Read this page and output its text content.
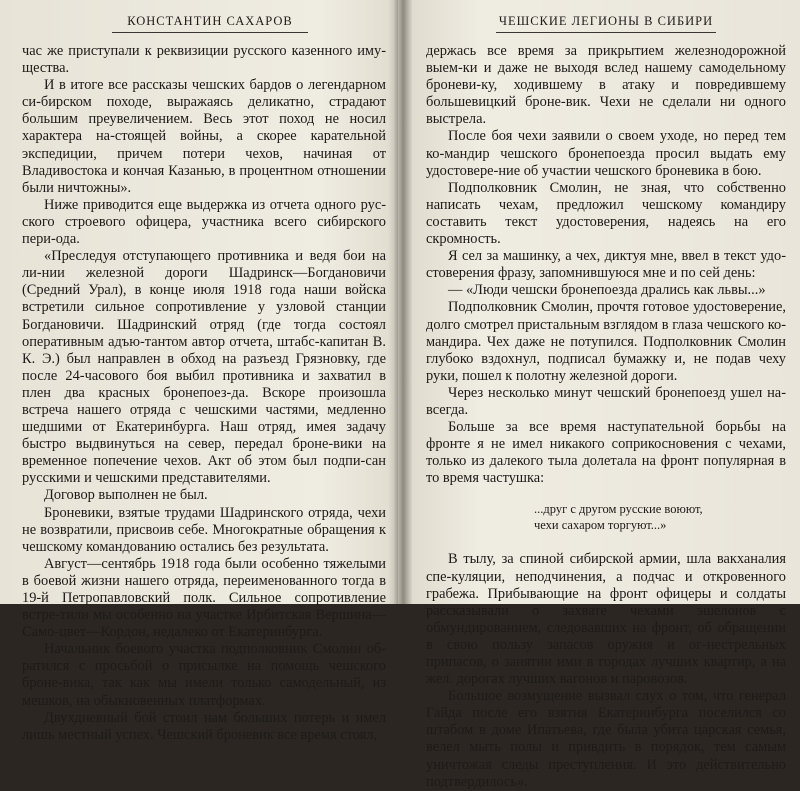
КОНСТАНТИН САХАРОВ

час же приступали к реквизиции русского казенного иму-щества.

И в итоге все рассказы чешских бардов о легендарном си-бирском походе, выражаясь деликатно, страдают большим преувеличением. Весь этот поход не носил характера на-стоящей войны, а скорее карательной экспедиции, причем потери чехов, начиная от Владивостока и кончая Казанью, в процентном отношении были ничтожны».

Ниже приводится еще выдержка из отчета одного рус-ского строевого офицера, участника всего сибирского пери-ода.

«Преследуя отступающего противника и ведя бои на ли-нии железной дороги Шадринск—Богдановичи (Средний Урал), в конце июля 1918 года наши войска встретили сильное сопротивление у узловой станции Богдановичи. Шадринский отряд (где тогда состоял оперативным адъю-тантом автор отчета, штабс-капитан В. К. Э.) был направлен в обход на разъезд Грязновку, где после 24-часового боя выбил противника и захватил в плен два красных бронепоез-да. Вскоре произошла встреча нашего отряда с чешскими частями, медленно шедшими от Екатеринбурга. Наш отряд, имея задачу быстро выдвинуться на север, передал броне-вики на временное попечение чехов. Акт об этом был подпи-сан русскими и чешскими представителями.

Договор выполнен не был.

Броневики, взятые трудами Шадринского отряда, чехи не возвратили, присвоив себе. Многократные обращения к чешскому командованию остались без результата.

Август—сентябрь 1918 года были особенно тяжелыми в боевой жизни нашего отряда, переименованного тогда в 19-й Петропавловский полк. Сильное сопротивление встре-тили мы особенно на участке Ирбитская Вершина—Само-цвет—Кордон, недалеко от Екатеринбурга.

Начальник боевого участка подполковник Смолин об-ратился с просьбой о присылке на помощь чешского броне-вика, так как мы имели только самодельный, из мешков, на обыкновенных платформах.

Двухдневный бой стоил нам больших потерь и имел лишь местный успех. Чешский броневик все время стоял,

ЧЕШСКИЕ ЛЕГИОНЫ В СИБИРИ

держась все время за прикрытием железнодорожной выем-ки и даже не выходя вслед нашему самодельному броневи-ку, ходившему в атаку и повредившему большевицкий броне-вик. Чехи не сделали ни одного выстрела.

После боя чехи заявили о своем уходе, но перед тем ко-мандир чешского бронепоезда просил выдать ему удостовере-ние об участии чешского броневика в бою.

Подполковник Смолин, не зная, что собственно написать чехам, предложил чешскому командиру составить текст удостоверения, надеясь на его скромность.

Я сел за машинку, а чех, диктуя мне, ввел в текст удо-стоверения фразу, запомнившуюся мне и по сей день:

— «Люди чешски бронепоезда дрались как львы...»

Подполковник Смолин, прочтя готовое удостоверение, долго смотрел пристальным взглядом в глаза чешского ко-мандира. Чех даже не потупился. Подполковник Смолин глубоко вздохнул, подписал бумажку и, не подав чеху руки, пошел к полотну железной дороги.

Через несколько минут чешский бронепоезд ушел на-всегда.

Больше за все время наступательной борьбы на фронте я не имел никакого соприкосновения с чехами, только из далекого тыла долетала на фронт популярная в то время частушка:

...друг с другом русские воюют,
чехи сахаром торгуют...»

В тылу, за спиной сибирской армии, шла вакханалия спе-куляции, неподчинения, а подчас и откровенного грабежа. Прибывающие на фронт офицеры и солдаты рассказывали о захвате чехами эшелонов с обмундированием, следовавших на фронт, об обращении в свою пользу запасов оружия и ог-нестрельных припасов, о занятии ими в городах лучших квартир, а на жел. дорогах лучших вагонов и паровозов.

Большое возмущение вызвал слух о том, что генерал Гайда после его взятия Екатеринбурга поселился со штабом в доме Ипатьева, где была убита царская семья, велел мыть полы и привдить в порядок, тем самым уничтожая следы преступления. И это действительно подтвердилось».
